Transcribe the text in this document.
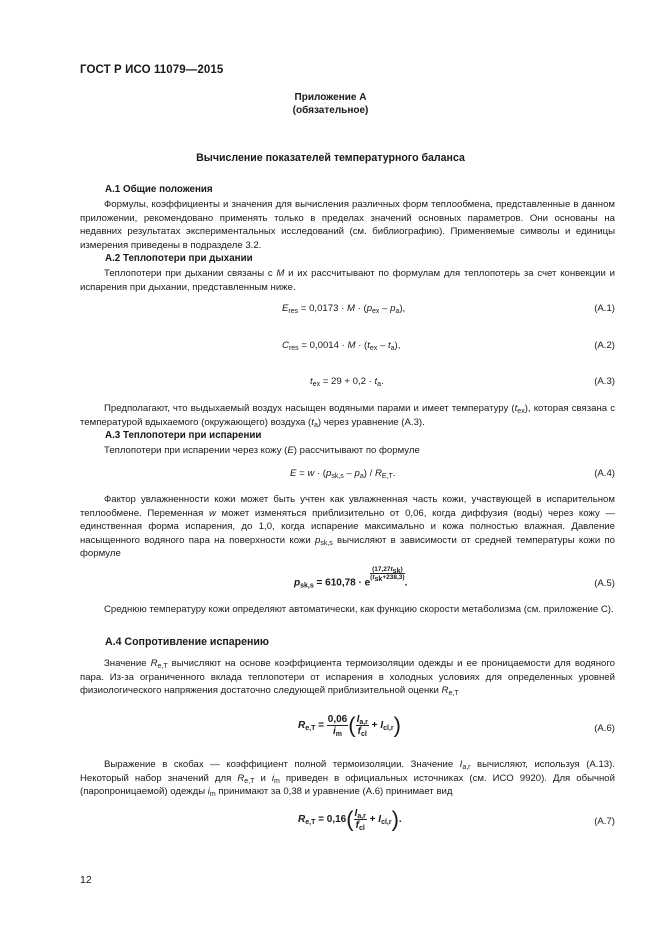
ГОСТ Р ИСО 11079—2015
Приложение А
(обязательное)
Вычисление показателей температурного баланса
А.1 Общие положения

Формулы, коэффициенты и значения для вычисления различных форм теплообмена, представленные в данном приложении, рекомендовано применять только в пределах значений основных параметров. Они основаны на недавних результатах экспериментальных исследований (см. библиографию). Применяемые символы и единицы измерения приведены в подразделе 3.2.

А.2 Теплопотери при дыхании

Теплопотери при дыхании связаны с M и их рассчитывают по формулам для теплопотерь за счет конвекции и испарения при дыхании, представленным ниже.

$E_{res} = 0,0173 \cdot M \cdot (p_{ex} - p_a)$,	(А.1)
$C_{res} = 0,0014 \cdot M \cdot (t_{ex} - t_a)$,	(А.2)
$t_{ex} = 29 + 0,2 \cdot t_a$.	(А.3)

Предполагают, что выдыхаемый воздух насыщен водяными парами и имеет температуру $(t_{ex})$, которая связана с температурой вдыхаемого (окружающего) воздуха $(t_a)$ через уравнение (А.3).

А.3 Теплопотери при испарении

Теплопотери при испарении через кожу (E) рассчитывают по формуле

$E = w \cdot (p_{sk,s} - p_a) / R_{E,T}$.	(А.4)

Фактор увлажненности кожи может быть учтен как увлажненная часть кожи, участвующей в испарительном теплообмене. Переменная w может изменяться приблизительно от 0,06, когда диффузия (воды) через кожу — единственная форма испарения, до 1,0, когда испарение максимально и кожа полностью влажная. Давление насыщенного водяного пара на поверхности кожи $p_{sk,s}$ вычисляют в зависимости от средней температуры кожи по формуле

$p_{sk,s} = 610,78 \cdot e$
$^{\frac{(17,27t_{sk})}{(t_{sk}+238,3)}}$
.	(А.5)

Среднюю температуру кожи определяют автоматически, как функцию скорости метаболизма (см. приложение С).

А.4 Сопротивление испарению

Значение $R_{e,T}$ вычисляют на основе коэффициента термоизоляции одежды и ее проницаемости для водяного пара. Из-за ограниченного вклада теплопотери от испарения в холодных условиях для определенных уровней физиологического напряжения достаточно следующей приблизительной оценки $R_{e,T}$

$R_{e,T} = \frac{0,06}{i_m}$ ( $\frac{I_{a,r}}{f_{cl}} + I_{cl,r}$)	(А.6)

Выражение в скобах — коэффициент полной термоизоляции. Значение $I_{a,r}$ вычисляют, используя (А.13). Некоторый набор значений для $R_{e,T}$ и $i_m$ приведен в официальных источниках (см. ИСО 9920). Для обычной (паропроницаемой) одежды $i_m$ принимают за 0,38 и уравнение (А.6) принимает вид

$R_{e,T} = 0,16( \frac{I_{a,r}}{f_{cl}} + I_{cl,r})$.	(А.7)
12
